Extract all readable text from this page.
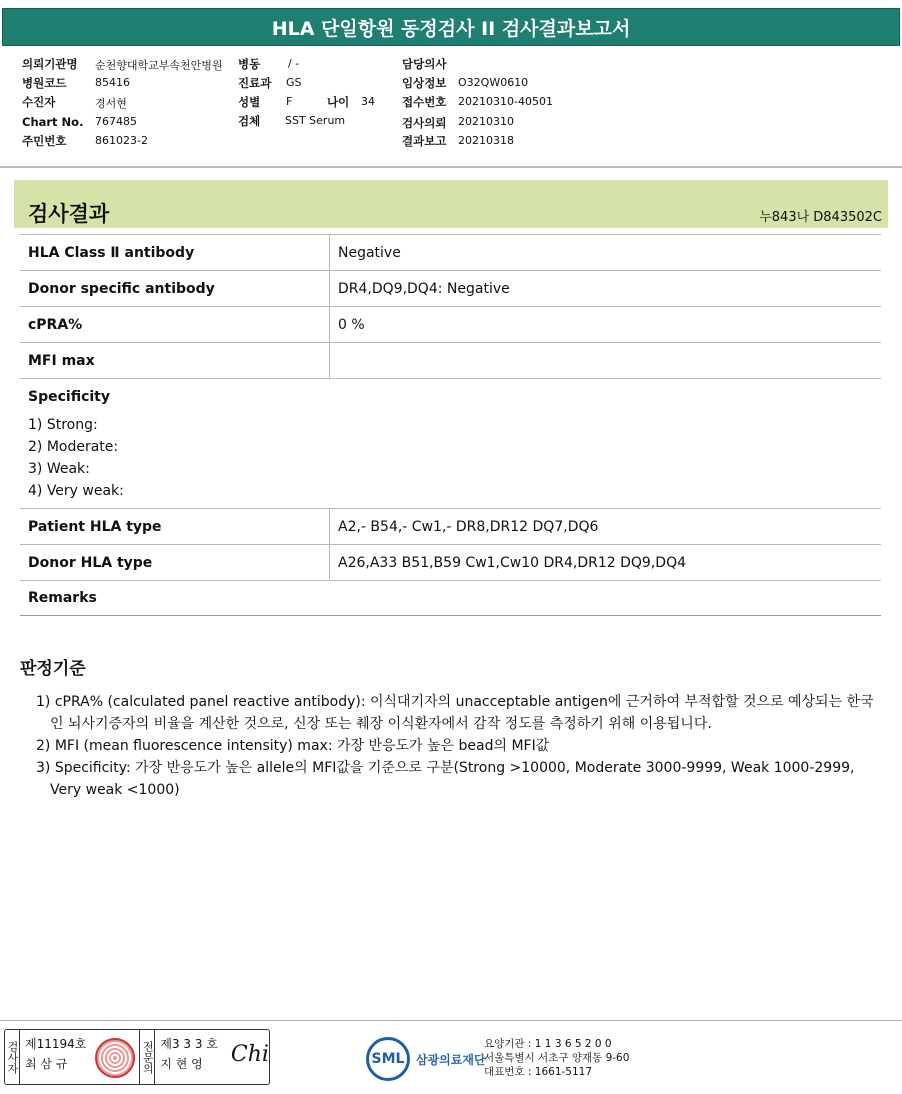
HLA 단일항원 동정검사 II 검사결과보고서
의뢰기관명 순천향대학교부속천안병원
병원코드	85416
수진자	경서현
Chart No. 767485
주민번호	861023-2
병동	/ -
진료과 GS
성별 F	나이 34
검체 SST Serum
담당의사
임상정보 O32QW0610
접수번호 20210310-40501
검사의뢰 20210310
결과보고 20210318
검사결과	누843나 D843502C
HLA Class Ⅱ antibody	Negative
Donor specific antibody	DR4,DQ9,DQ4: Negative
cPRA%	0 %
MFI max	
Specificity	

1) Strong:
2) Moderate:
3) Weak:
4) Very weak:	

Patient HLA type	A2,- B54,- Cw1,- DR8,DR12 DQ7,DQ6
Donor HLA type	A26,A33 B51,B59 Cw1,Cw10 DR4,DR12 DQ9,DQ4
Remarks	
판정기준
1) cPRA% (calculated panel reactive antibody): 이식대기자의 unacceptable antigen에 근거하여 부적합할 것으로 예상되는 한국인 뇌사기증자의 비율을 계산한 것으로, 신장 또는 췌장 이식환자에서 감작 정도를 측정하기 위해 이용됩니다.
2) MFI (mean fluorescence intensity) max: 가장 반응도가 높은 bead의 MFI값
3) Specificity: 가장 반응도가 높은 allele의 MFI값을 기준으로 구분(Strong >10000, Moderate 3000-9999, Weak 1000-2999, Very weak <1000)
검사자 제11194호
최 삼 규	전문의 제3 3 3 호
지 현 영	Chi	SML 삼광의료재단
요양기관 : 1 1 3 6 5 2 0 0
서울특별시 서초구 양재동 9-60
대표번호 : 1661-5117
